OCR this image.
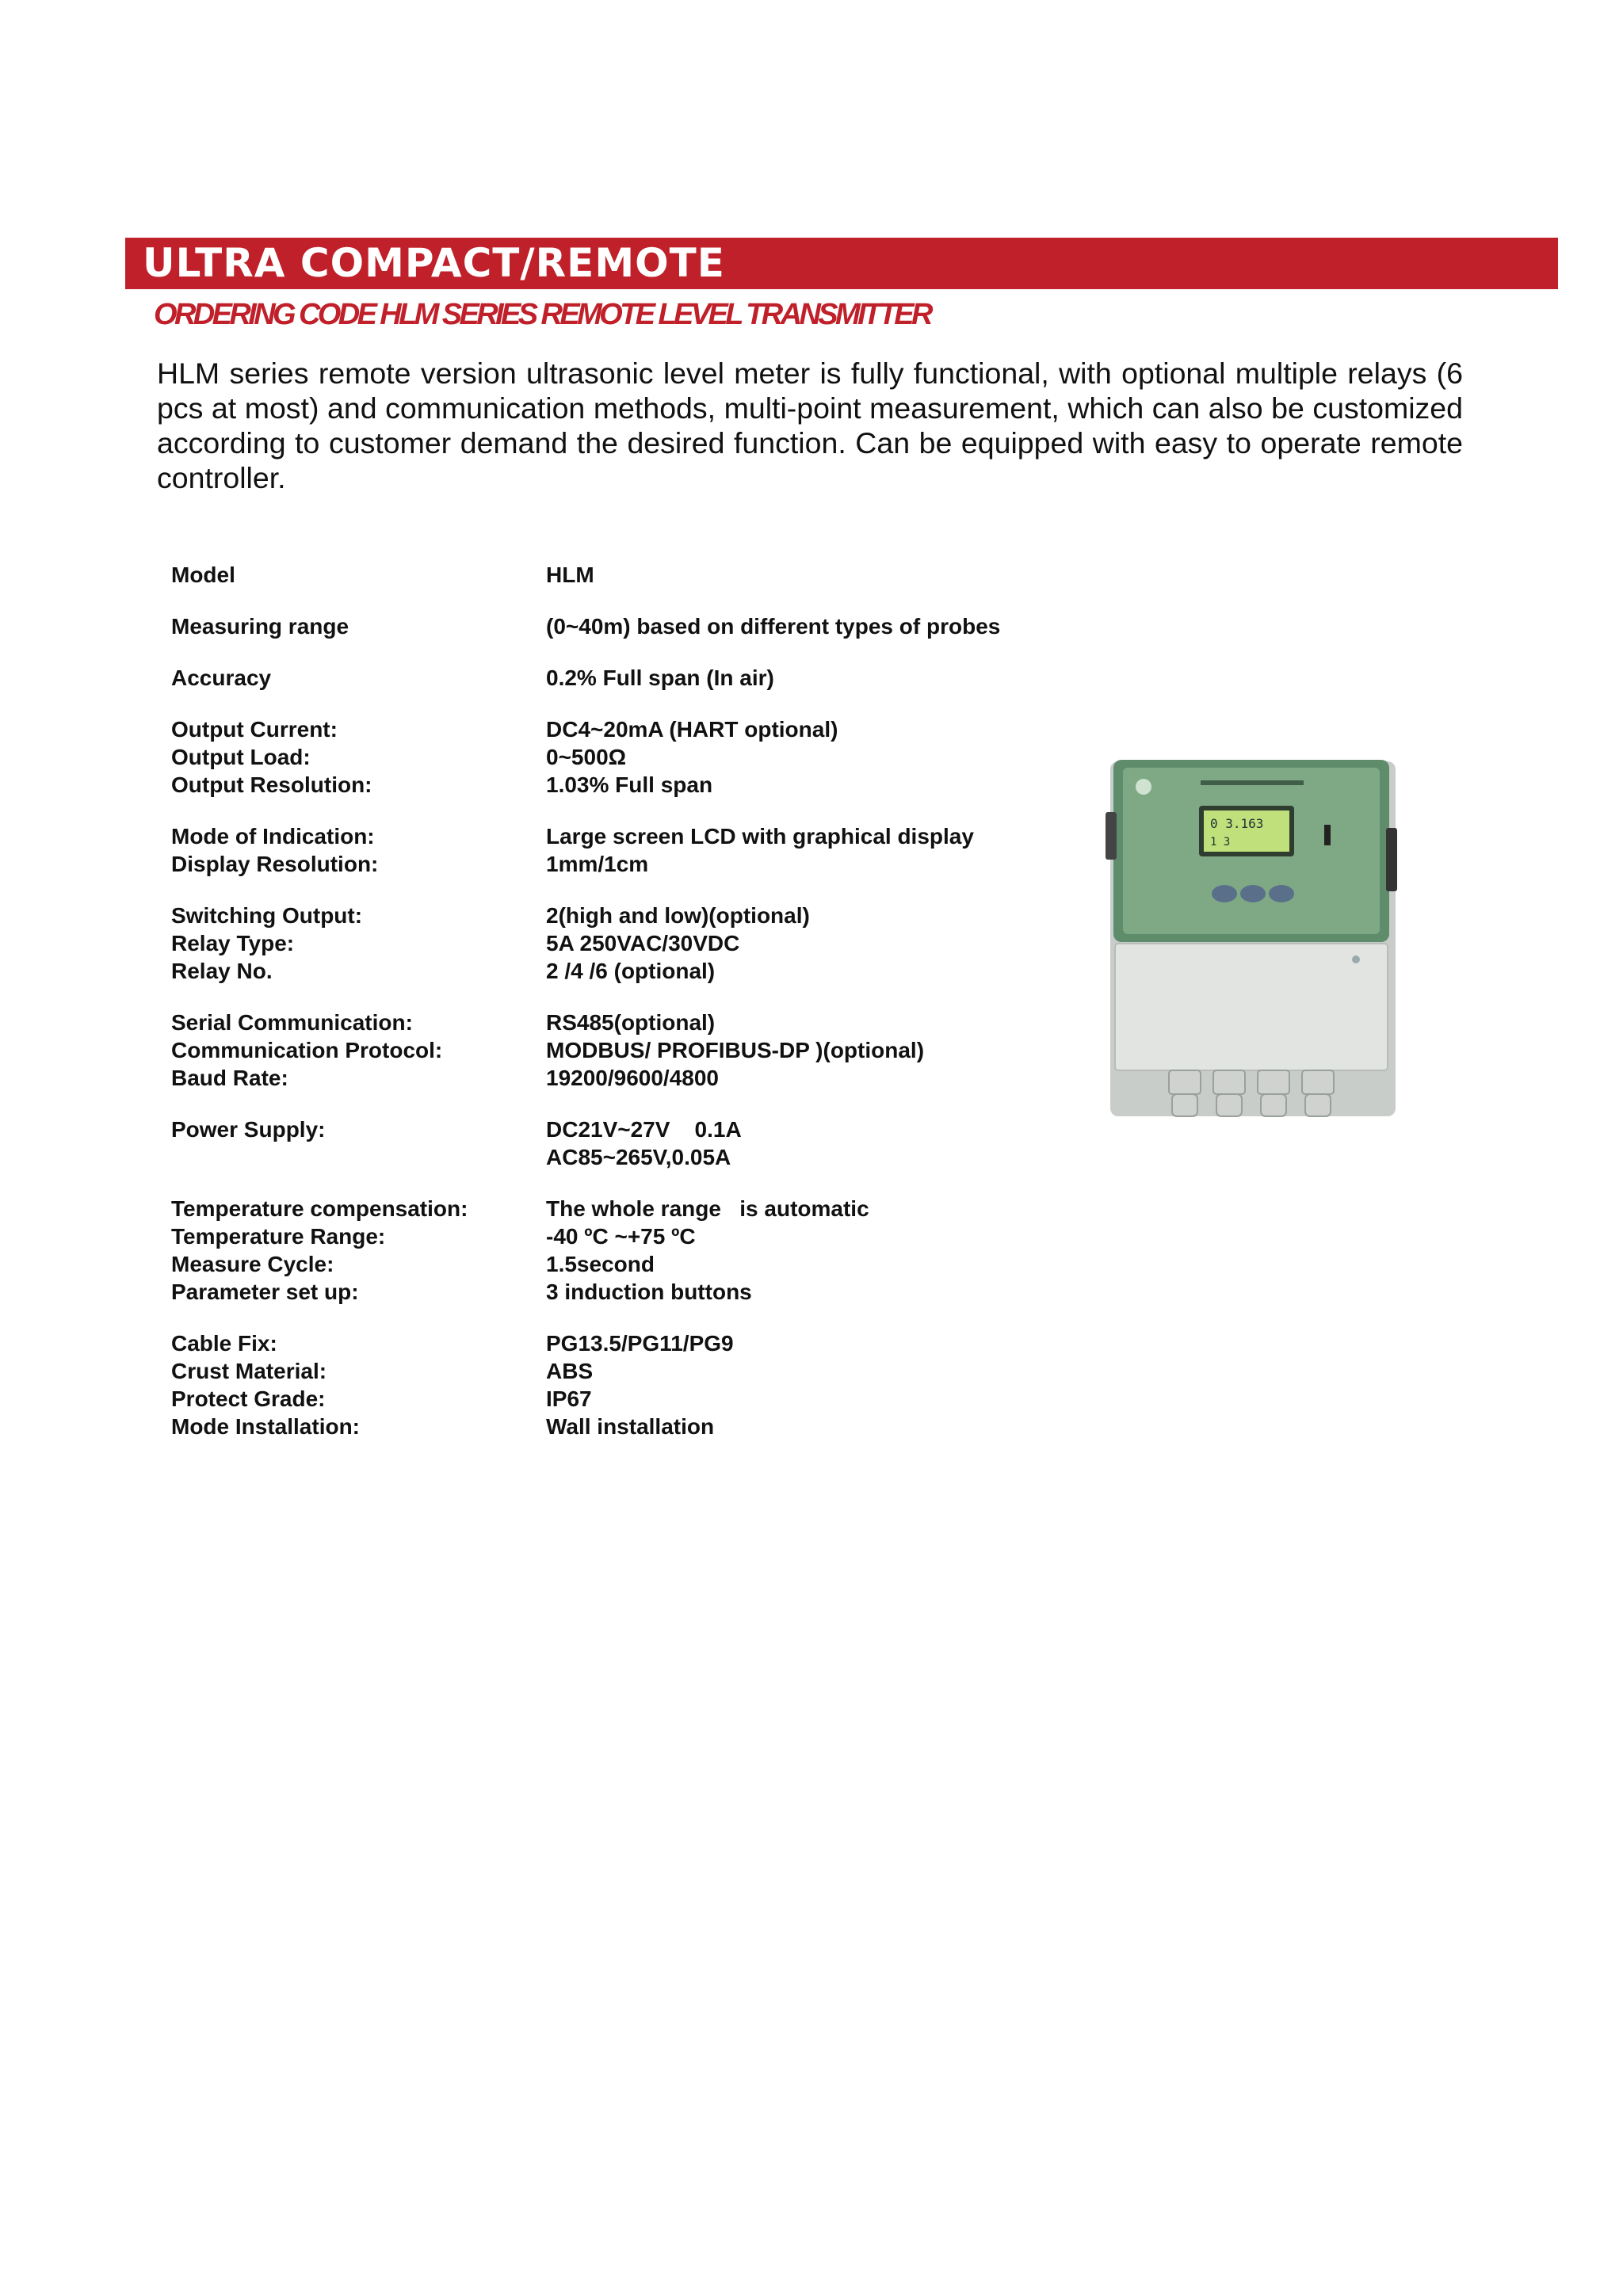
ULTRA COMPACT/REMOTE
ORDERING CODE HLM SERIES REMOTE LEVEL TRANSMITTER

HLM series remote version ultrasonic level meter is fully functional, with optional multiple relays (6 pcs at most) and communication methods, multi-point measurement, which can also be customized according to customer demand the desired function. Can be equipped with easy to operate remote controller.

Model	HLM
Measuring range	(0~40m) based on different types of probes
Accuracy	0.2% Full span (In air)
Output Current:	DC4~20mA (HART optional)
Output Load:	0~500Ω
Output Resolution:	1.03% Full span
Mode of Indication:	Large screen LCD with graphical display
Display Resolution:	1mm/1cm
Switching Output:	2(high and low)(optional)
Relay Type:	5A 250VAC/30VDC
Relay No.	2 /4 /6 (optional)
Serial Communication:	RS485(optional)
Communication Protocol:	MODBUS/ PROFIBUS-DP )(optional)
Baud Rate:	19200/9600/4800
Power Supply:	DC21V~27V    0.1A
AC85~265V,0.05A
Temperature compensation:	The whole range   is automatic
Temperature Range:	-40 ºC ~+75 ºC
Measure Cycle:	1.5second
Parameter set up:	3 induction buttons
Cable Fix:	PG13.5/PG11/PG9
Crust Material:	ABS
Protect Grade:	IP67
Mode Installation:	Wall installation
0 3.163
1 3
